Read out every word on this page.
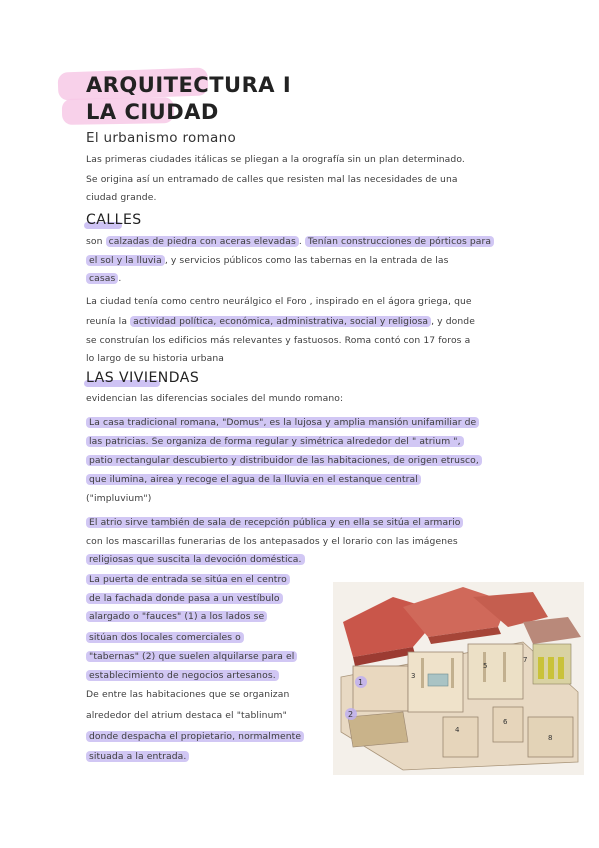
ARQUITECTURA I
LA CIUDAD
El urbanismo romano
Las primeras ciudades itálicas se pliegan a la orografía sin un plan determinado.
Se origina así un entramado de calles que resisten mal las necesidades de una
ciudad grande.
CALLES
son calzadas de piedra con aceras elevadas . Tenían construcciones de pórticos para
el sol y la lluvia , y servicios públicos como las tabernas en la entrada de las
casas .
La ciudad tenía como centro neurálgico el Foro , inspirado en el ágora griega, que
reunía la actividad política, económica, administrativa, social y religiosa , y donde
se construían los edificios más relevantes y fastuosos. Roma contó con 17 foros a
lo largo de su historia urbana
LAS VIVIENDAS
evidencian las diferencias sociales del mundo romano:
La casa tradicional romana, "Domus", es la lujosa y amplia mansión unifamiliar de
las patricias. Se organiza de forma regular y simétrica alrededor del " atrium ",
patio rectangular descubierto y distribuidor de las habitaciones, de origen etrusco,
que ilumina, airea y recoge el agua de la lluvia en el estanque central
("impluvium")
El atrio sirve también de sala de recepción pública y en ella se sitúa el armario
con los mascarillas funerarias de los antepasados y el lorario con las imágenes
religiosas que suscita la devoción doméstica.
La puerta de entrada se sitúa en el centro
de la fachada donde pasa a un vestíbulo
alargado o "fauces" (1) a los lados se
sitúan dos locales comerciales o
"tabernas" (2) que suelen alquilarse para el
establecimiento de negocios artesanos.
De entre las habitaciones que se organizan
alrededor del atrium destaca el "tablinum"
donde despacha el propietario, normalmente
situada a la entrada.
1
2
3
4
5
6
7
8
